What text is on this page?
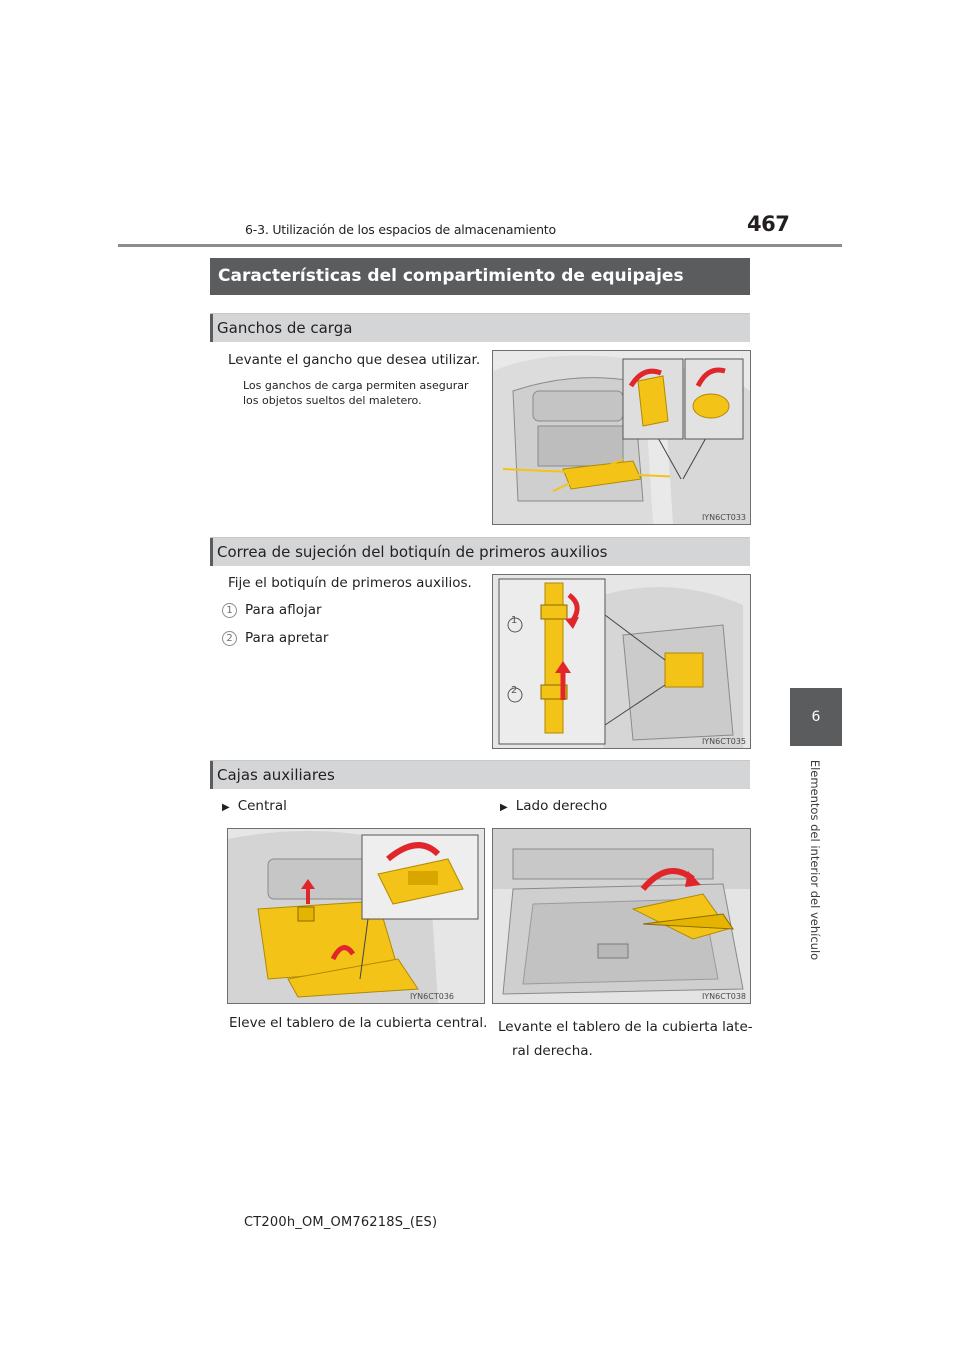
6-3. Utilización de los espacios de almacenamiento	467
6
Elementos del interior del vehículo
Características del compartimiento de equipajes
Ganchos de carga
Levante el gancho que desea utilizar.
Los ganchos de carga permiten asegurar
los objetos sueltos del maletero.
IYN6CT033
Correa de sujeción del botiquín de primeros auxilios
Fije el botiquín de primeros auxilios.
1 Para aflojar
2 Para apretar
1
2
IYN6CT035
Cajas auxiliares
▶ Central	▶ Lado derecho
IYN6CT036	IYN6CT038
Eleve el tablero de la cubierta central. Levante el tablero de la cubierta late-
ral derecha.
CT200h_OM_OM76218S_(ES)
